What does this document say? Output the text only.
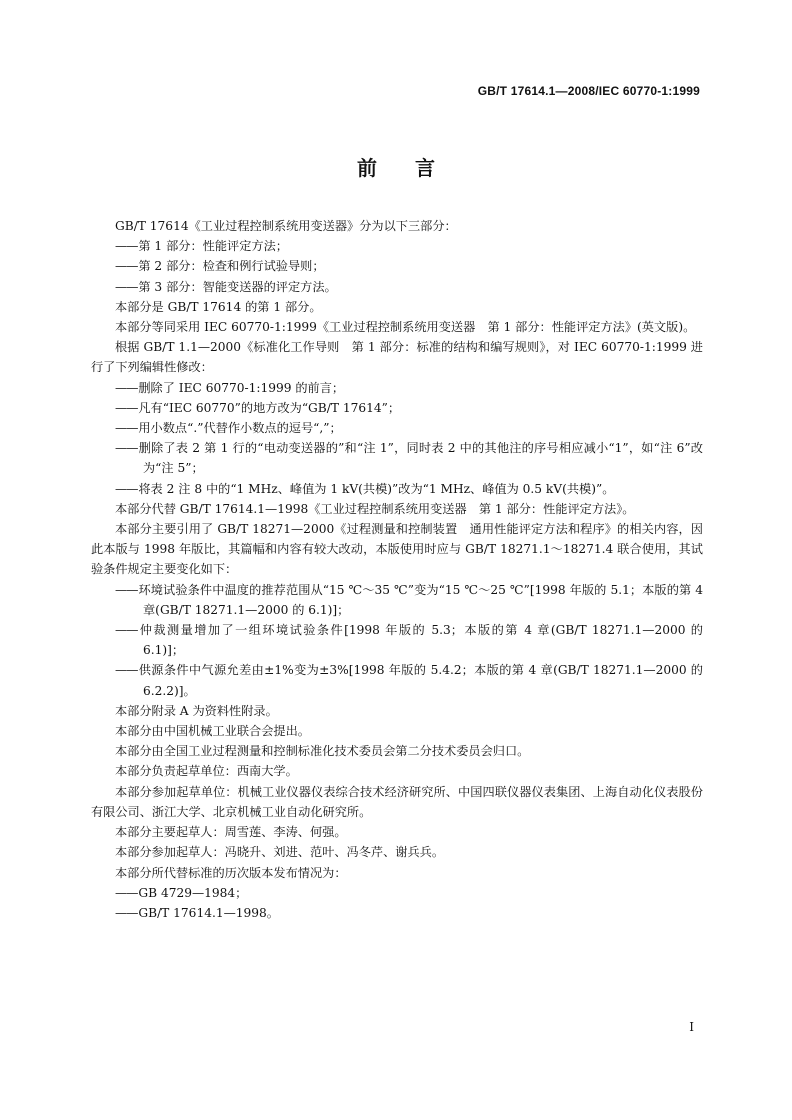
GB/T 17614.1—2008/IEC 60770-1:1999
前言

GB/T 17614《工业过程控制系统用变送器》分为以下三部分：

—— 第 1 部分：性能评定方法；

—— 第 2 部分：检查和例行试验导则；

—— 第 3 部分：智能变送器的评定方法。

本部分是 GB/T 17614 的第 1 部分。

本部分等同采用 IEC 60770-1:1999《工业过程控制系统用变送器　第 1 部分：性能评定方法》(英文版)。

根据 GB/T 1.1—2000《标准化工作导则　第 1 部分：标准的结构和编写规则》，对 IEC 60770-1:1999 进行了下列编辑性修改：

—— 删除了 IEC 60770-1:1999 的前言；

—— 凡有“IEC 60770”的地方改为“GB/T 17614”；

—— 用小数点“.”代替作小数点的逗号“,”；

—— 删除了表 2 第 1 行的“电动变送器的”和“注 1”，同时表 2 中的其他注的序号相应减小“1”，如“注 6”改为“注 5”；

—— 将表 2 注 8 中的“1 MHz、峰值为 1 kV(共模)”改为“1 MHz、峰值为 0.5 kV(共模)”。

本部分代替 GB/T 17614.1—1998《工业过程控制系统用变送器　第 1 部分：性能评定方法》。

本部分主要引用了 GB/T 18271—2000《过程测量和控制装置　通用性能评定方法和程序》的相关内容，因此本版与 1998 年版比，其篇幅和内容有较大改动，本版使用时应与 GB/T 18271.1～18271.4 联合使用，其试验条件规定主要变化如下：

—— 环境试验条件中温度的推荐范围从“15 ℃～35 ℃”变为“15 ℃～25 ℃”[1998 年版的 5.1；本版的第 4 章(GB/T 18271.1—2000 的 6.1)]；

—— 仲裁测量增加了一组环境试验条件[1998 年版的 5.3；本版的第 4 章(GB/T 18271.1—2000 的 6.1)]；

—— 供源条件中气源允差由±1%变为±3%[1998 年版的 5.4.2；本版的第 4 章(GB/T 18271.1—2000 的 6.2.2)]。

本部分附录 A 为资料性附录。

本部分由中国机械工业联合会提出。

本部分由全国工业过程测量和控制标准化技术委员会第二分技术委员会归口。

本部分负责起草单位：西南大学。

本部分参加起草单位：机械工业仪器仪表综合技术经济研究所、中国四联仪器仪表集团、上海自动化仪表股份有限公司、浙江大学、北京机械工业自动化研究所。

本部分主要起草人：周雪莲、李涛、何强。

本部分参加起草人：冯晓升、刘进、范叶、冯冬芹、谢兵兵。

本部分所代替标准的历次版本发布情况为：

—— GB 4729—1984；

—— GB/T 17614.1—1998。

I
